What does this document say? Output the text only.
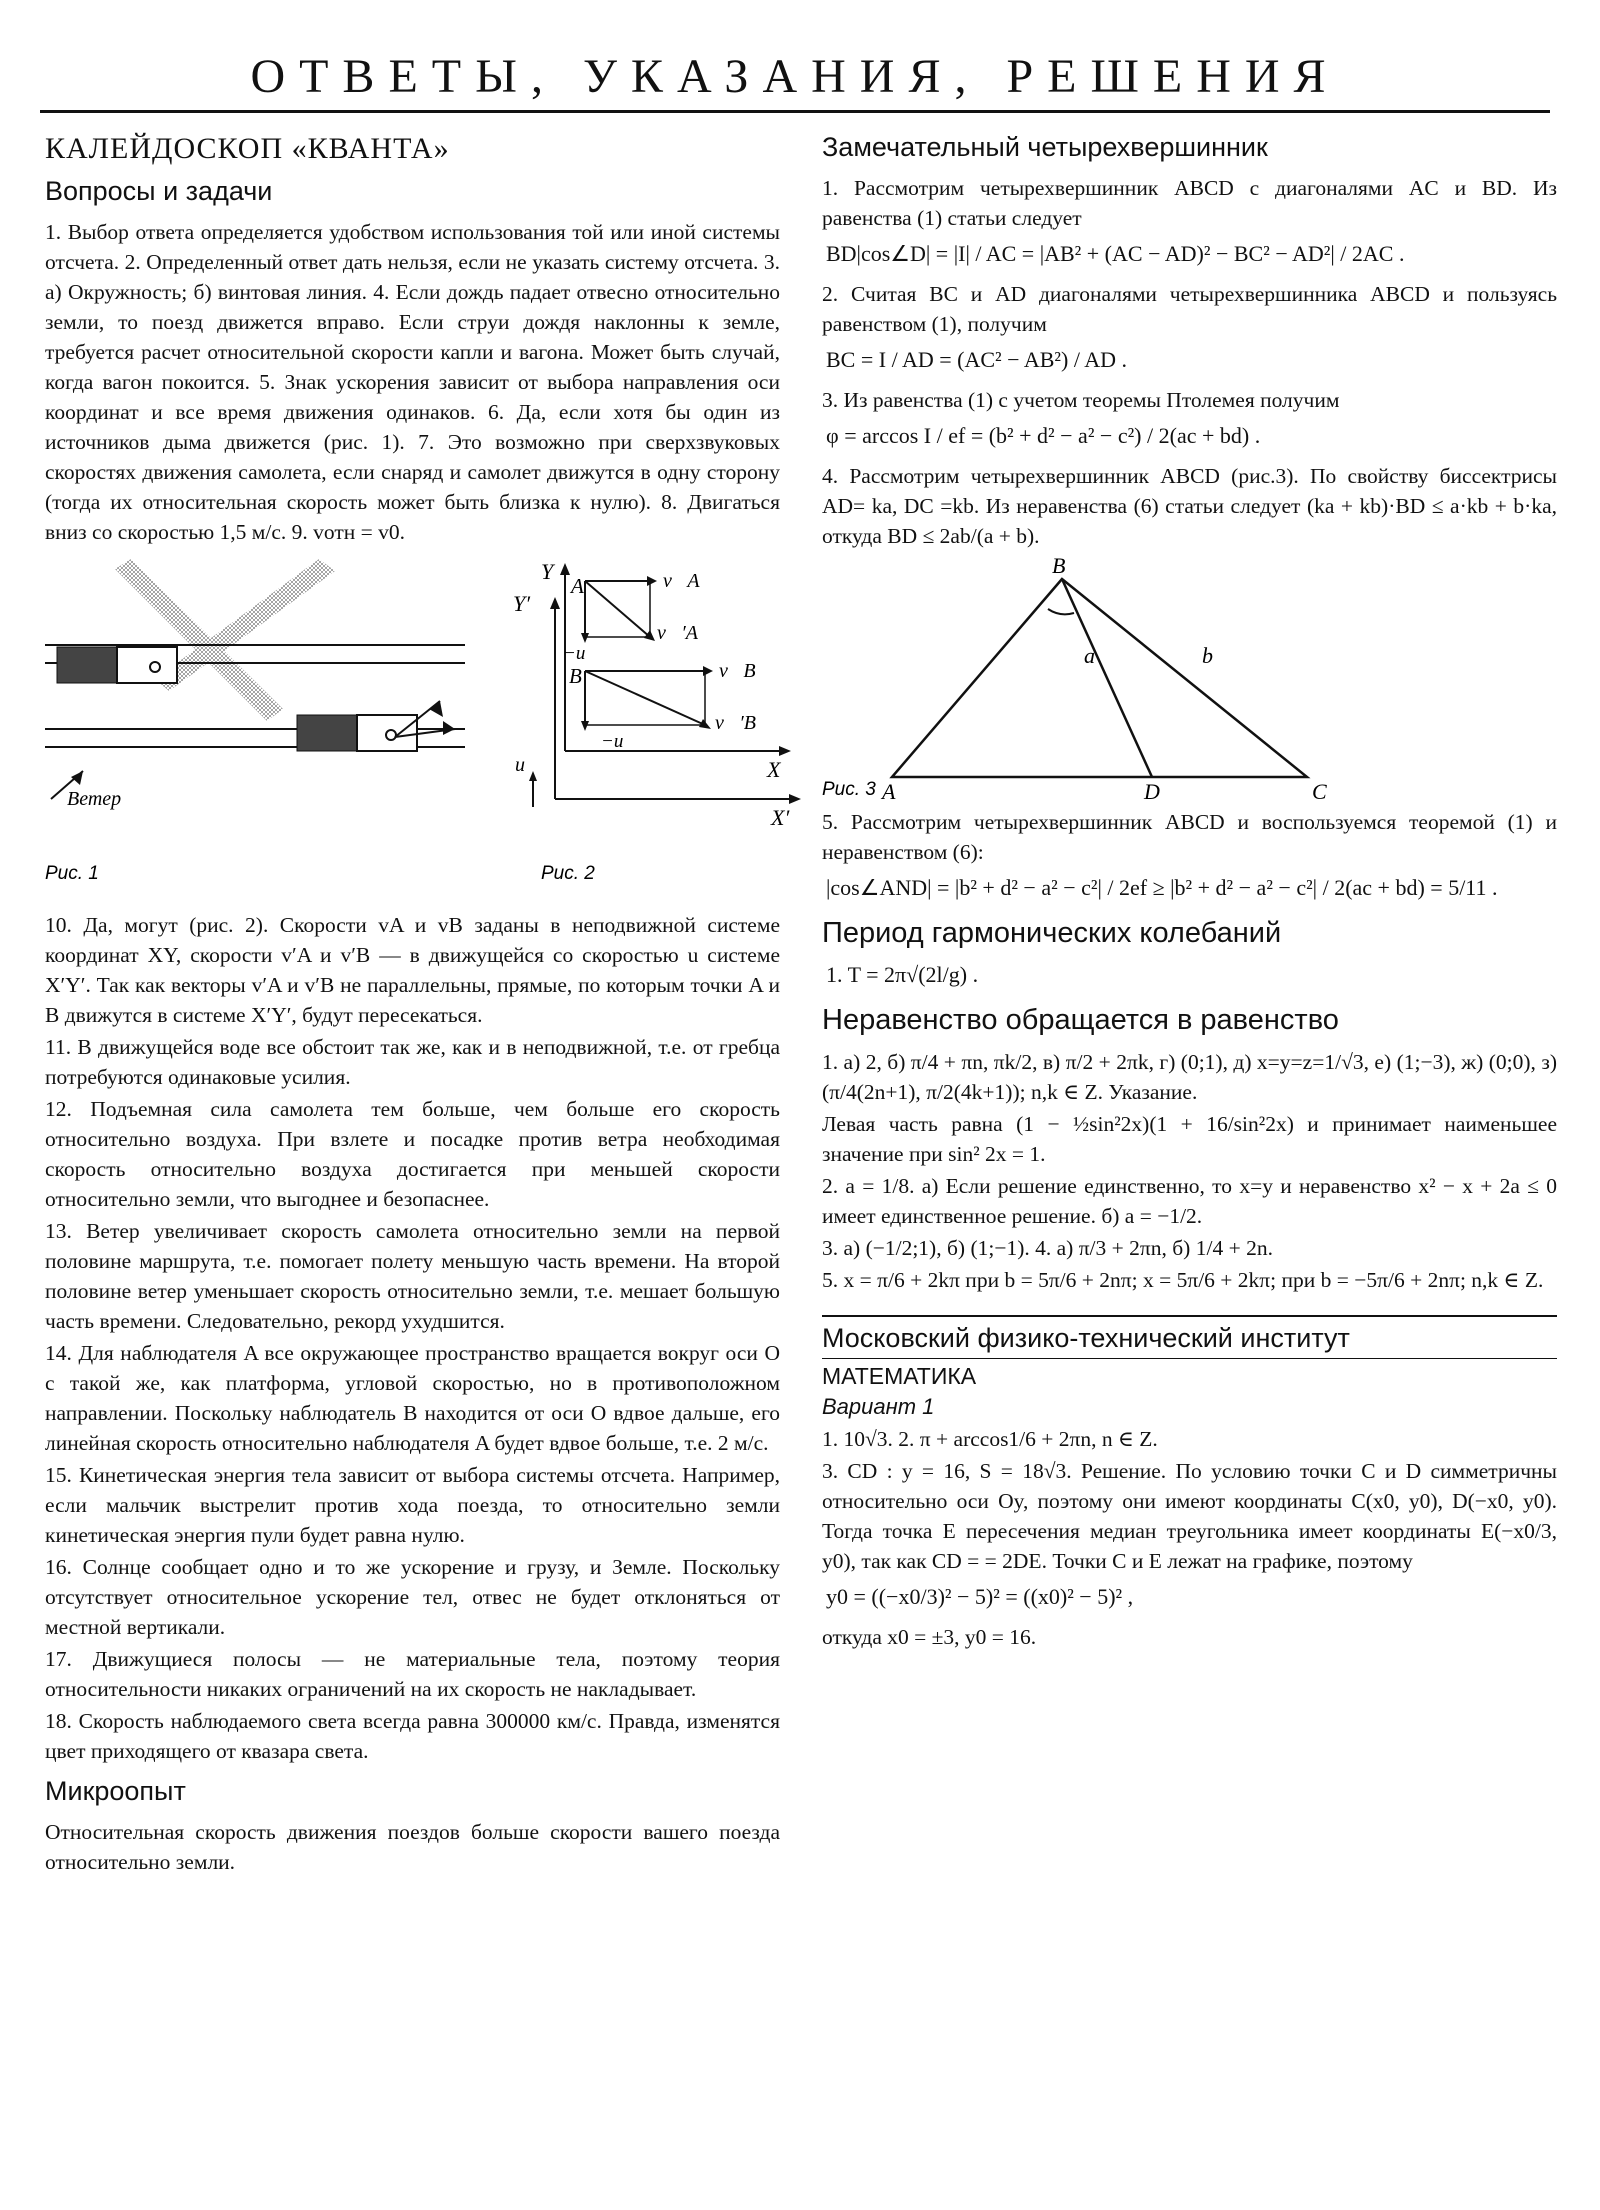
ОТВЕТЫ, УКАЗАНИЯ, РЕШЕНИЯ
КАЛЕЙДОСКОП «КВАНТА»
Вопросы и задачи

1. Выбор ответа определяется удобством использования той или иной системы отсчета. 2. Определенный ответ дать нельзя, если не указать систему отсчета. 3. а) Окружность; б) винтовая линия. 4. Если дождь падает отвесно относительно земли, то поезд движется вправо. Если струи дождя наклонны к земле, требуется расчет относительной скорости капли и вагона. Может быть случай, когда вагон покоится. 5. Знак ускорения зависит от выбора направления оси координат и все время движения одинаков. 6. Да, если хотя бы один из источников дыма движется (рис. 1). 7. Это возможно при сверхзвуковых скоростях движения самолета, если снаряд и самолет движутся в одну сторону (тогда их относительная скорость может быть близка к нулю). 8. Двигаться вниз со скоростью 1,5 м/с. 9. vотн = v0.

Ветер
Рис. 1
u⃗
Y
Y′
A
B
v⃗A
v⃗′A
v⃗B
v⃗′B
−u⃗
−u⃗
X
X′
Рис. 2

10. Да, могут (рис. 2). Скорости vA и vB заданы в неподвижной системе координат XY, скорости v′A и v′B — в движущейся со скоростью u системе X′Y′. Так как векторы v′A и v′B не параллельны, прямые, по которым точки A и B движутся в системе X′Y′, будут пересекаться.

11. В движущейся воде все обстоит так же, как и в неподвижной, т.е. от гребца потребуются одинаковые усилия.

12. Подъемная сила самолета тем больше, чем больше его скорость относительно воздуха. При взлете и посадке против ветра необходимая скорость относительно воздуха достигается при меньшей скорости относительно земли, что выгоднее и безопаснее.

13. Ветер увеличивает скорость самолета относительно земли на первой половине маршрута, т.е. помогает полету меньшую часть времени. На второй половине ветер уменьшает скорость относительно земли, т.е. мешает большую часть времени. Следовательно, рекорд ухудшится.

14. Для наблюдателя A все окружающее пространство вращается вокруг оси O с такой же, как платформа, угловой скоростью, но в противоположном направлении. Поскольку наблюдатель B находится от оси O вдвое дальше, его линейная скорость относительно наблюдателя A будет вдвое больше, т.е. 2 м/с.

15. Кинетическая энергия тела зависит от выбора системы отсчета. Например, если мальчик выстрелит против хода поезда, то относительно земли кинетическая энергия пули будет равна нулю.

16. Солнце сообщает одно и то же ускорение и грузу, и Земле. Поскольку отсутствует относительное ускорение тел, отвес не будет отклоняться от местной вертикали.

17. Движущиеся полосы — не материальные тела, поэтому теория относительности никаких ограничений на их скорость не накладывает.

18. Скорость наблюдаемого света всегда равна 300000 км/с. Правда, изменятся цвет приходящего от квазара света.

Микроопыт

Относительная скорость движения поездов больше скорости вашего поезда относительно земли.

Замечательный четырехвершинник

1. Рассмотрим четырехвершинник ABCD с диагоналями AC и BD. Из равенства (1) статьи следует

BD|cos∠D| = |I| / AC = |AB² + (AC − AD)² − BC² − AD²| / 2AC .

2. Считая BC и AD диагоналями четырехвершинника ABCD и пользуясь равенством (1), получим

BC = I / AD = (AC² − AB²) / AD .

3. Из равенства (1) с учетом теоремы Птолемея получим

φ = arccos I / ef = (b² + d² − a² − c²) / 2(ac + bd) .

4. Рассмотрим четырехвершинник ABCD (рис.3). По свойству биссектрисы AD= ka, DC =kb. Из неравенства (6) статьи следует (ka + kb)·BD ≤ a·kb + b·ka, откуда BD ≤ 2ab/(a + b).

B
A	C
D
a
Рис. 3
b

5. Рассмотрим четырехвершинник ABCD и воспользуемся теоремой (1) и неравенством (6):

|cos∠AND| = |b² + d² − a² − c²| / 2ef ≥ |b² + d² − a² − c²| / 2(ac + bd) = 5/11 .
Период гармонических колебаний
1. T = 2π√(2l/g) .
Неравенство обращается в равенство

1. а) 2, б) π/4 + πn, πk/2, в) π/2 + 2πk, г) (0;1), д) x=y=z=1/√3, е) (1;−3), ж) (0;0), з) (π/4(2n+1), π/2(4k+1)); n,k ∈ Z. Указание.

Левая часть равна (1 − ½sin²2x)(1 + 16/sin²2x) и принимает наименьшее значение при sin² 2x = 1.

2. a = 1/8. а) Если решение единственно, то x=y и неравенство x² − x + 2a ≤ 0 имеет единственное решение. б) a = −1/2.

3. а) (−1/2;1), б) (1;−1). 4. а) π/3 + 2πn, б) 1/4 + 2n.

5. x = π/6 + 2kπ при b = 5π/6 + 2nπ; x = 5π/6 + 2kπ; при b = −5π/6 + 2nπ; n,k ∈ Z.

Московский физико-технический институт
МАТЕМАТИКА
Вариант 1

1. 10√3. 2. π + arccos1/6 + 2πn, n ∈ Z.

3. CD : y = 16, S = 18√3. Решение. По условию точки C и D симметричны относительно оси Oy, поэтому они имеют координаты C(x0, y0), D(−x0, y0). Тогда точка E пересечения медиан треугольника имеет координаты E(−x0/3, y0), так как CD = = 2DE. Точки C и E лежат на графике, поэтому

y0 = ((−x0/3)² − 5)² = ((x0)² − 5)² ,

откуда x0 = ±3, y0 = 16.
